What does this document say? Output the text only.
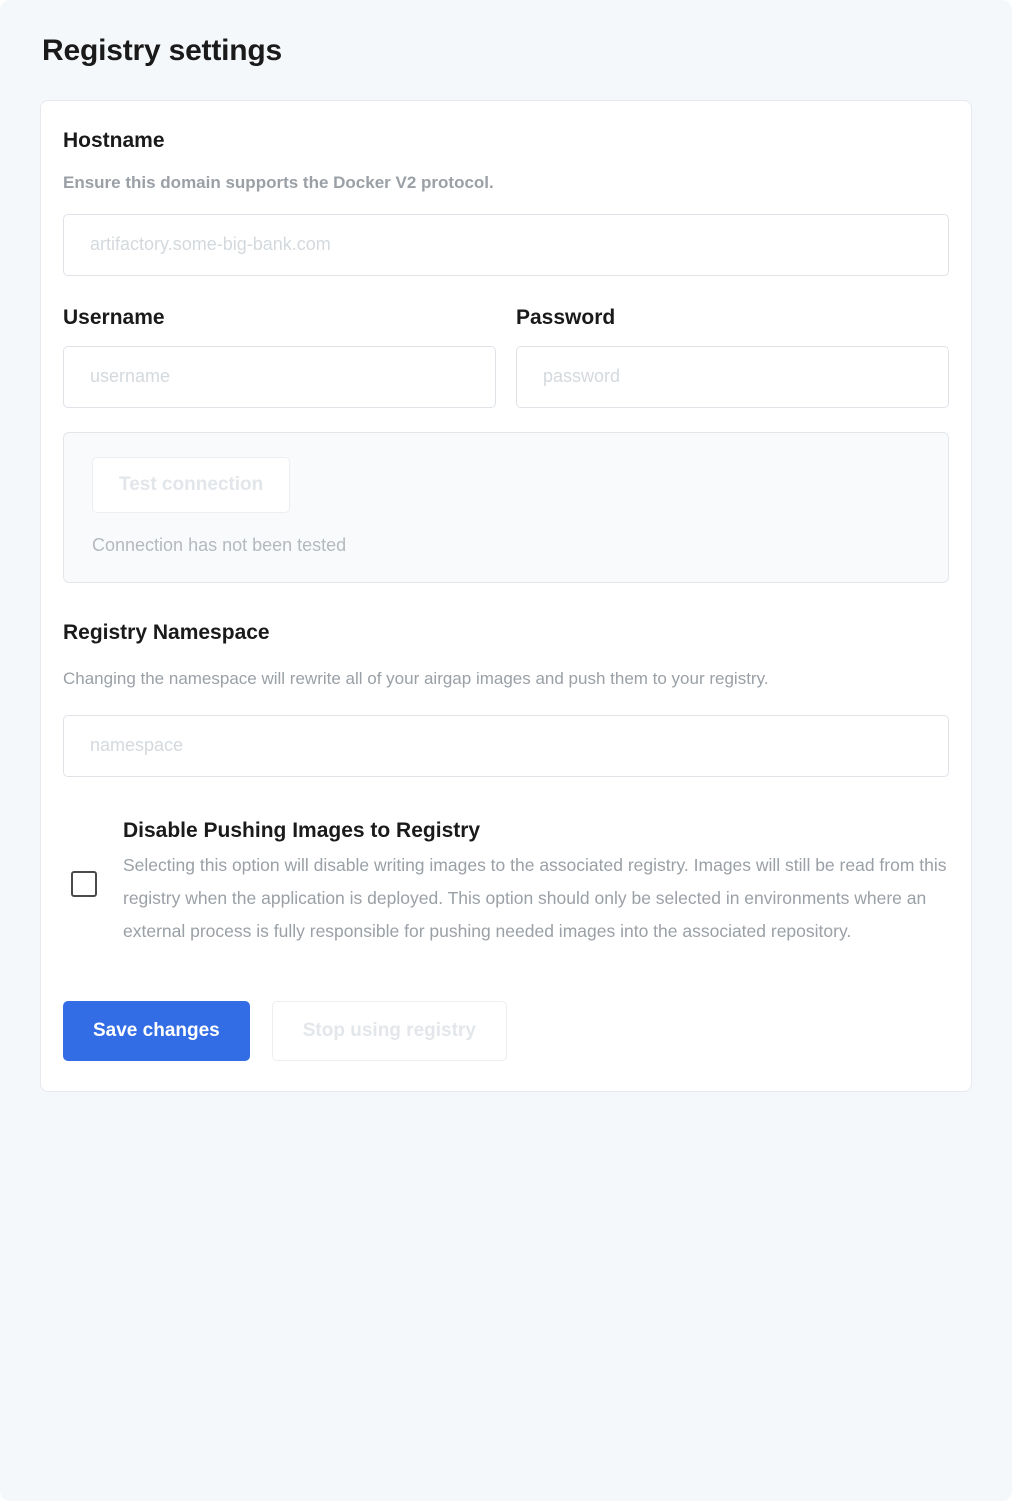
Registry settings
Hostname

Ensure this domain supports the Docker V2 protocol.

artifactory.some-big-bank.com
Username
username	Password
Test connection
Connection has not been tested
Registry Namespace

Changing the namespace will rewrite all of your airgap images and push them to your registry.

namespace
Disable Pushing Images to Registry

Selecting this option will disable writing images to the associated registry. Images will still be read from this registry when the application is deployed. This option should only be selected in environments where an external process is fully responsible for pushing needed images into the associated repository.

Save changes	Stop using registry
